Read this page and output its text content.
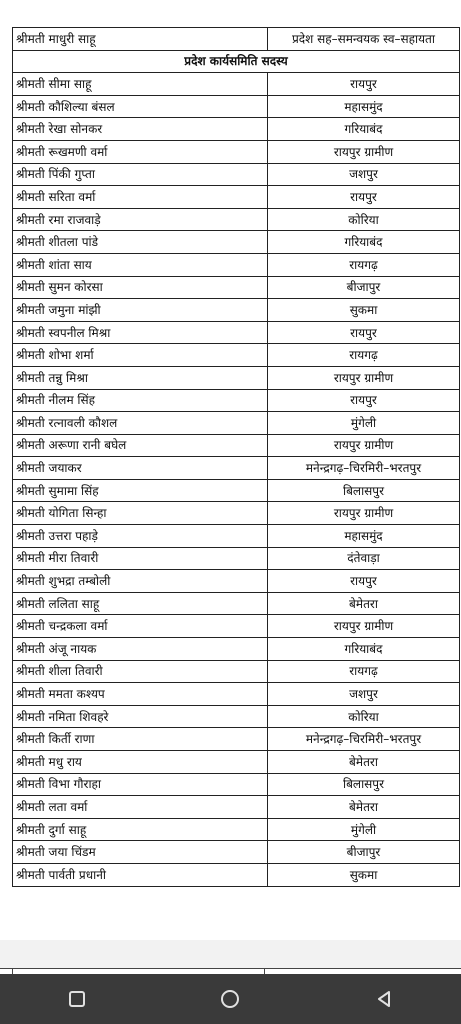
श्रीमती माधुरी साहू	प्रदेश सह–समन्वयक स्व–सहायता
प्रदेश कार्यसमिति सदस्य	
श्रीमती सीमा साहू	रायपुर
श्रीमती कौशिल्या बंसल	महासमुंद
श्रीमती रेखा सोनकर	गरियाबंद
श्रीमती रूखमणी वर्मा	रायपुर ग्रामीण
श्रीमती पिंकी गुप्ता	जशपुर
श्रीमती सरिता वर्मा	रायपुर
श्रीमती रमा राजवाड़े	कोरिया
श्रीमती शीतला पांडे	गरियाबंद
श्रीमती शांता साय	रायगढ़
श्रीमती सुमन कोरसा	बीजापुर
श्रीमती जमुना मांझी	सुकमा
श्रीमती स्वपनील मिश्रा	रायपुर
श्रीमती शोभा शर्मा	रायगढ़
श्रीमती तन्नु मिश्रा	रायपुर ग्रामीण
श्रीमती नीलम सिंह	रायपुर
श्रीमती रत्नावली कौशल	मुंगेली
श्रीमती अरूणा रानी बघेल	रायपुर ग्रामीण
श्रीमती जयाकर	मनेन्द्रगढ़–चिरमिरी–भरतपुर
श्रीमती सुमामा सिंह	बिलासपुर
श्रीमती योगिता सिन्हा	रायपुर ग्रामीण
श्रीमती उत्तरा पहाड़े	महासमुंद
श्रीमती मीरा तिवारी	दंतेवाड़ा
श्रीमती शुभद्रा तम्बोली	रायपुर
श्रीमती ललिता साहू	बेमेतरा
श्रीमती चन्द्रकला वर्मा	रायपुर ग्रामीण
श्रीमती अंजू नायक	गरियाबंद
श्रीमती शीला तिवारी	रायगढ़
श्रीमती ममता कश्यप	जशपुर
श्रीमती नमिता शिवहरे	कोरिया
श्रीमती किर्ती राणा	मनेन्द्रगढ़–चिरमिरी–भरतपुर
श्रीमती मधु राय	बेमेतरा
श्रीमती विभा गौराहा	बिलासपुर
श्रीमती लता वर्मा	बेमेतरा
श्रीमती दुर्गा साहू	मुंगेली
श्रीमती जया चिंडम	बीजापुर
श्रीमती पार्वती प्रधानी	सुकमा
